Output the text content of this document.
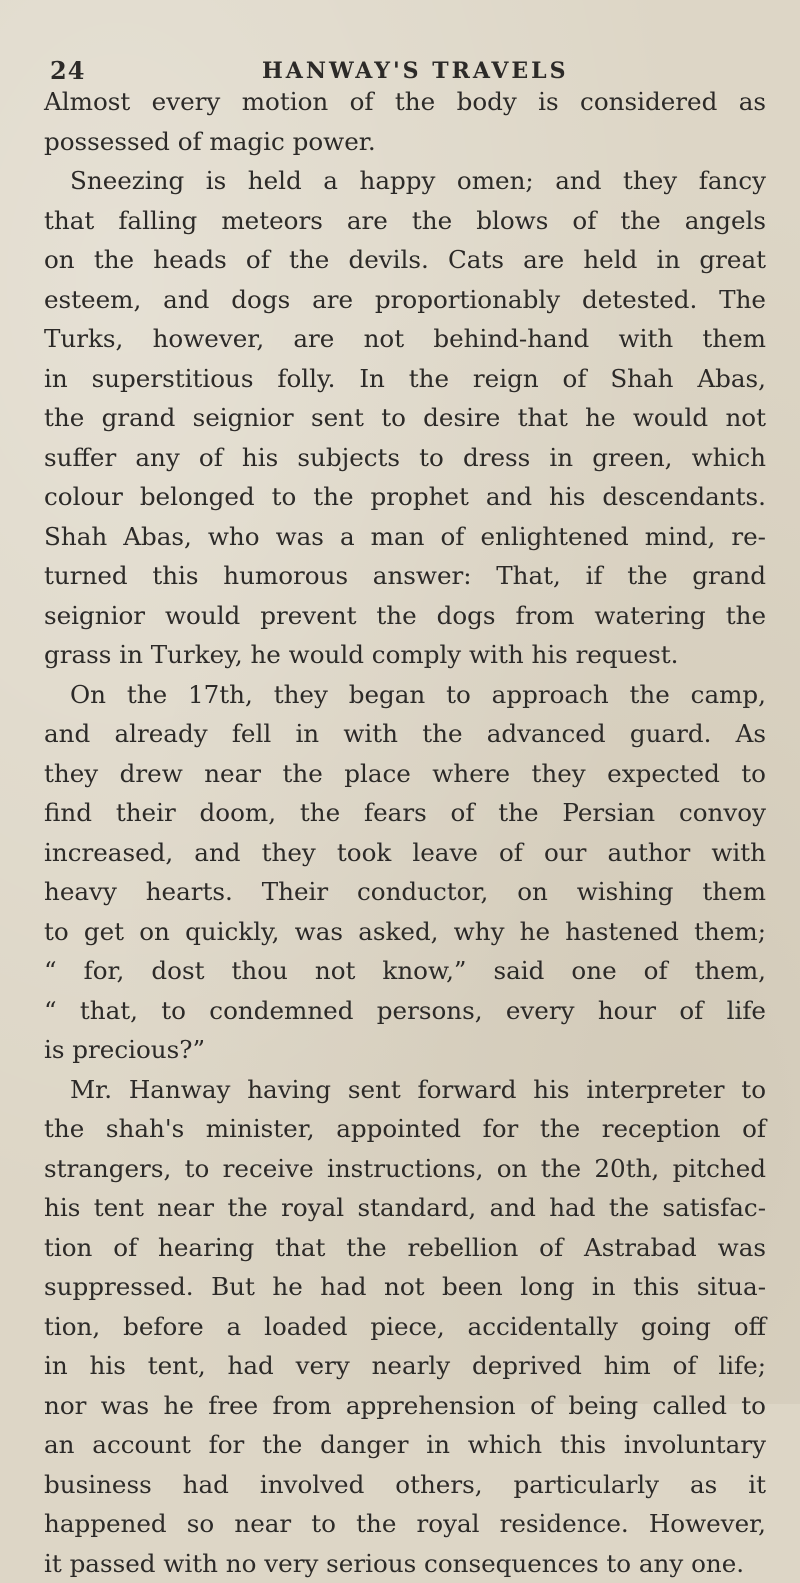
24	HANWAY'S TRAVELS
Almost every motion of the body is considered as
possessed of magic power.
Sneezing is held a happy omen; and they fancy
that falling meteors are the blows of the angels
on the heads of the devils. Cats are held in great
esteem, and dogs are proportionably detested. The
Turks, however, are not behind-hand with them
in superstitious folly. In the reign of Shah Abas,
the grand seignior sent to desire that he would not
suffer any of his subjects to dress in green, which
colour belonged to the prophet and his descendants.
Shah Abas, who was a man of enlightened mind, re-
turned this humorous answer: That, if the grand
seignior would prevent the dogs from watering the
grass in Turkey, he would comply with his request.
On the 17th, they began to approach the camp,
and already fell in with the advanced guard. As
they drew near the place where they expected to
find their doom, the fears of the Persian convoy
increased, and they took leave of our author with
heavy hearts. Their conductor, on wishing them
to get on quickly, was asked, why he hastened them;
“ for, dost thou not know,” said one of them,
“ that, to condemned persons, every hour of life
is precious?”
Mr. Hanway having sent forward his interpreter to
the shah's minister, appointed for the reception of
strangers, to receive instructions, on the 20th, pitched
his tent near the royal standard, and had the satisfac-
tion of hearing that the rebellion of Astrabad was
suppressed. But he had not been long in this situa-
tion, before a loaded piece, accidentally going off
in his tent, had very nearly deprived him of life;
nor was he free from apprehension of being called to
an account for the danger in which this involuntary
business had involved others, particularly as it
happened so near to the royal residence. However,
it passed with no very serious consequences to any one.
